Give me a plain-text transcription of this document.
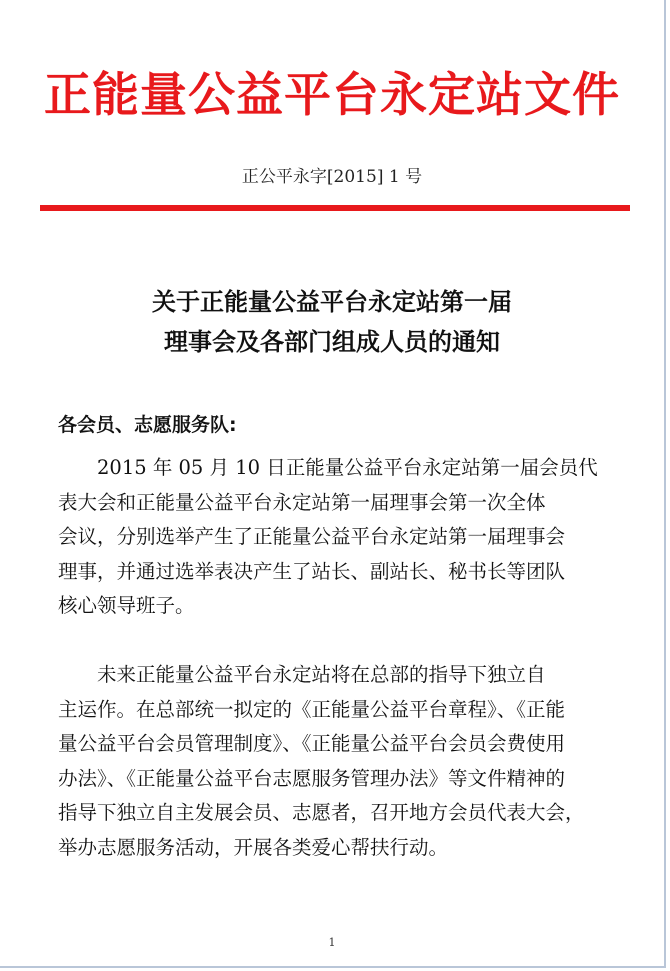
正能量公益平台永定站文件
正公平永字[2015] 1 号
关于正能量公益平台永定站第一届
理事会及各部门组成人员的通知
各会员、志愿服务队:
　　2015 年 05 月 10 日正能量公益平台永定站第一届会员代
表大会和正能量公益平台永定站第一届理事会第一次全体
会议，分别选举产生了正能量公益平台永定站第一届理事会
理事，并通过选举表决产生了站长、副站长、秘书长等团队
核心领导班子。
　　未来正能量公益平台永定站将在总部的指导下独立自
主运作。在总部统一拟定的《正能量公益平台章程》、《正能
量公益平台会员管理制度》、《正能量公益平台会员会费使用
办法》、《正能量公益平台志愿服务管理办法》等文件精神的
指导下独立自主发展会员、志愿者，召开地方会员代表大会，
举办志愿服务活动，开展各类爱心帮扶行动。
1
